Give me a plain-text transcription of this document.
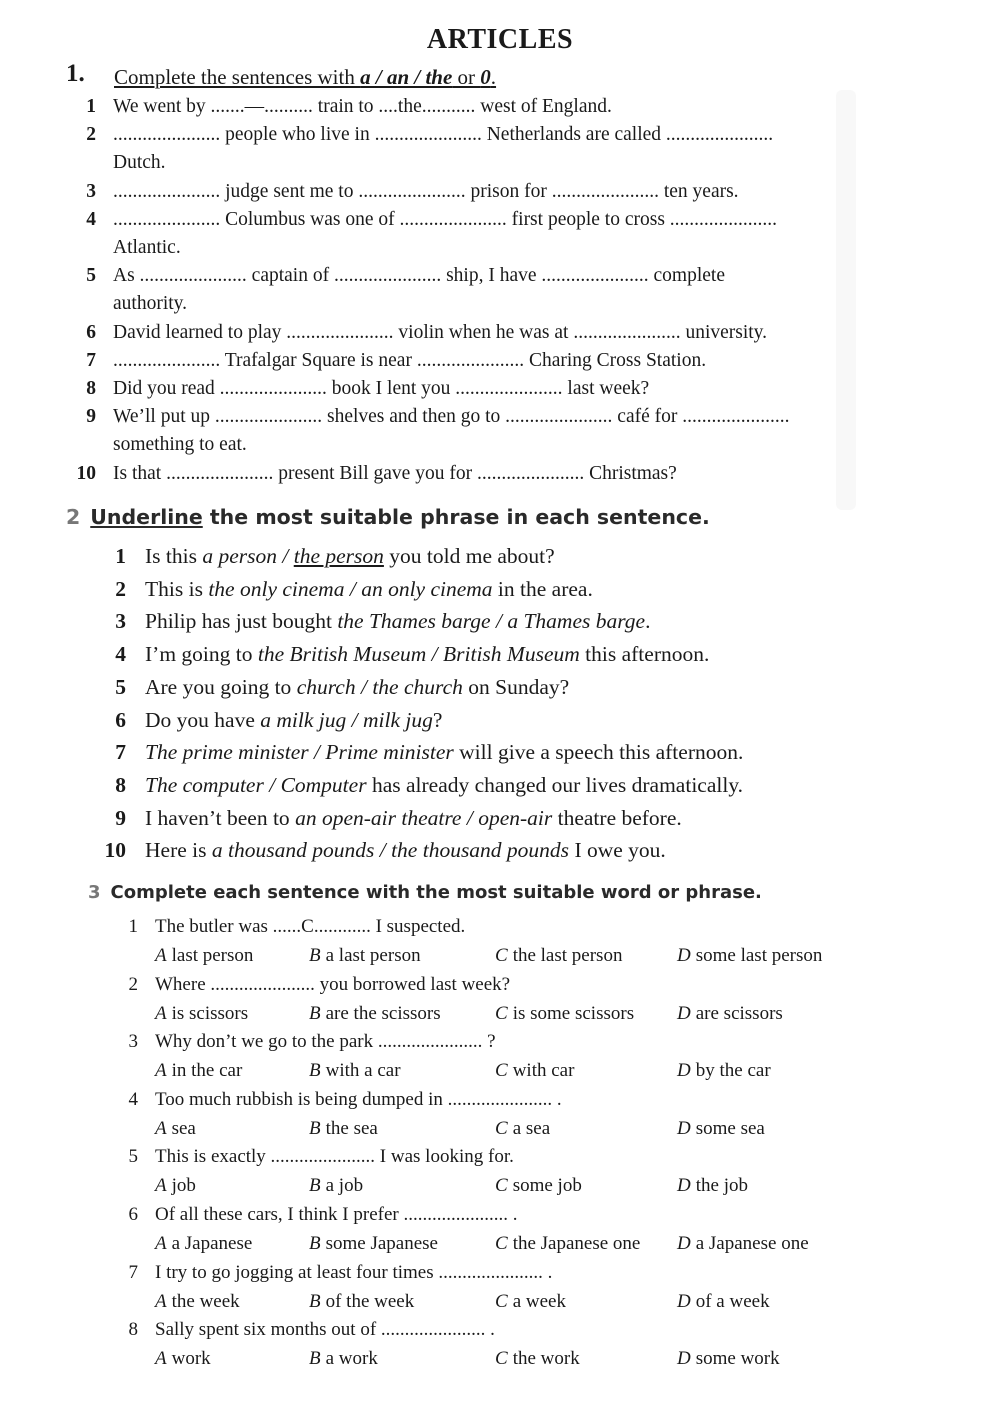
ARTICLES
1. Complete the sentences with a / an / the or 0.
1 We went by .......—.......... train to ....the........... west of England.
2 ...................... people who live in ...................... Netherlands are called ......................
Dutch.
3 ...................... judge sent me to ...................... prison for ...................... ten years.
4 ...................... Columbus was one of ...................... first people to cross ......................
Atlantic.
5 As ...................... captain of ...................... ship, I have ...................... complete
authority.
6 David learned to play ...................... violin when he was at ...................... university.
7 ...................... Trafalgar Square is near ...................... Charing Cross Station.
8 Did you read ...................... book I lent you ...................... last week?
9 We’ll put up ...................... shelves and then go to ...................... café for ......................
something to eat.
10 Is that ...................... present Bill gave you for ...................... Christmas?
2 Underline the most suitable phrase in each sentence.
1 Is this a person / the person you told me about?
2 This is the only cinema / an only cinema in the area.
3 Philip has just bought the Thames barge / a Thames barge.
4 I’m going to the British Museum / British Museum this afternoon.
5 Are you going to church / the church on Sunday?
6 Do you have a milk jug / milk jug?
7 The prime minister / Prime minister will give a speech this afternoon.
8 The computer / Computer has already changed our lives dramatically.
9 I haven’t been to an open-air theatre / open-air theatre before.
10 Here is a thousand pounds / the thousand pounds I owe you.
3 Complete each sentence with the most suitable word or phrase.
1 The butler was ......C............ I suspected.
A last person	B a last person	C the last person	D some last person
2 Where ...................... you borrowed last week?
A is scissors	B are the scissors	C is some scissors D are scissors
3 Why don’t we go to the park ...................... ?
A in the car	B with a car	C with car	D by the car
4 Too much rubbish is being dumped in ...................... .
A sea	B the sea	C a sea	D some sea
5 This is exactly ...................... I was looking for.
A job	B a job	C some job	D the job
6 Of all these cars, I think I prefer ...................... .
A a Japanese	B some Japanese	C the Japanese one D a Japanese one
7 I try to go jogging at least four times ...................... .
A the week	B of the week	C a week	D of a week
8 Sally spent six months out of ...................... .
A work	B a work	C the work	D some work
